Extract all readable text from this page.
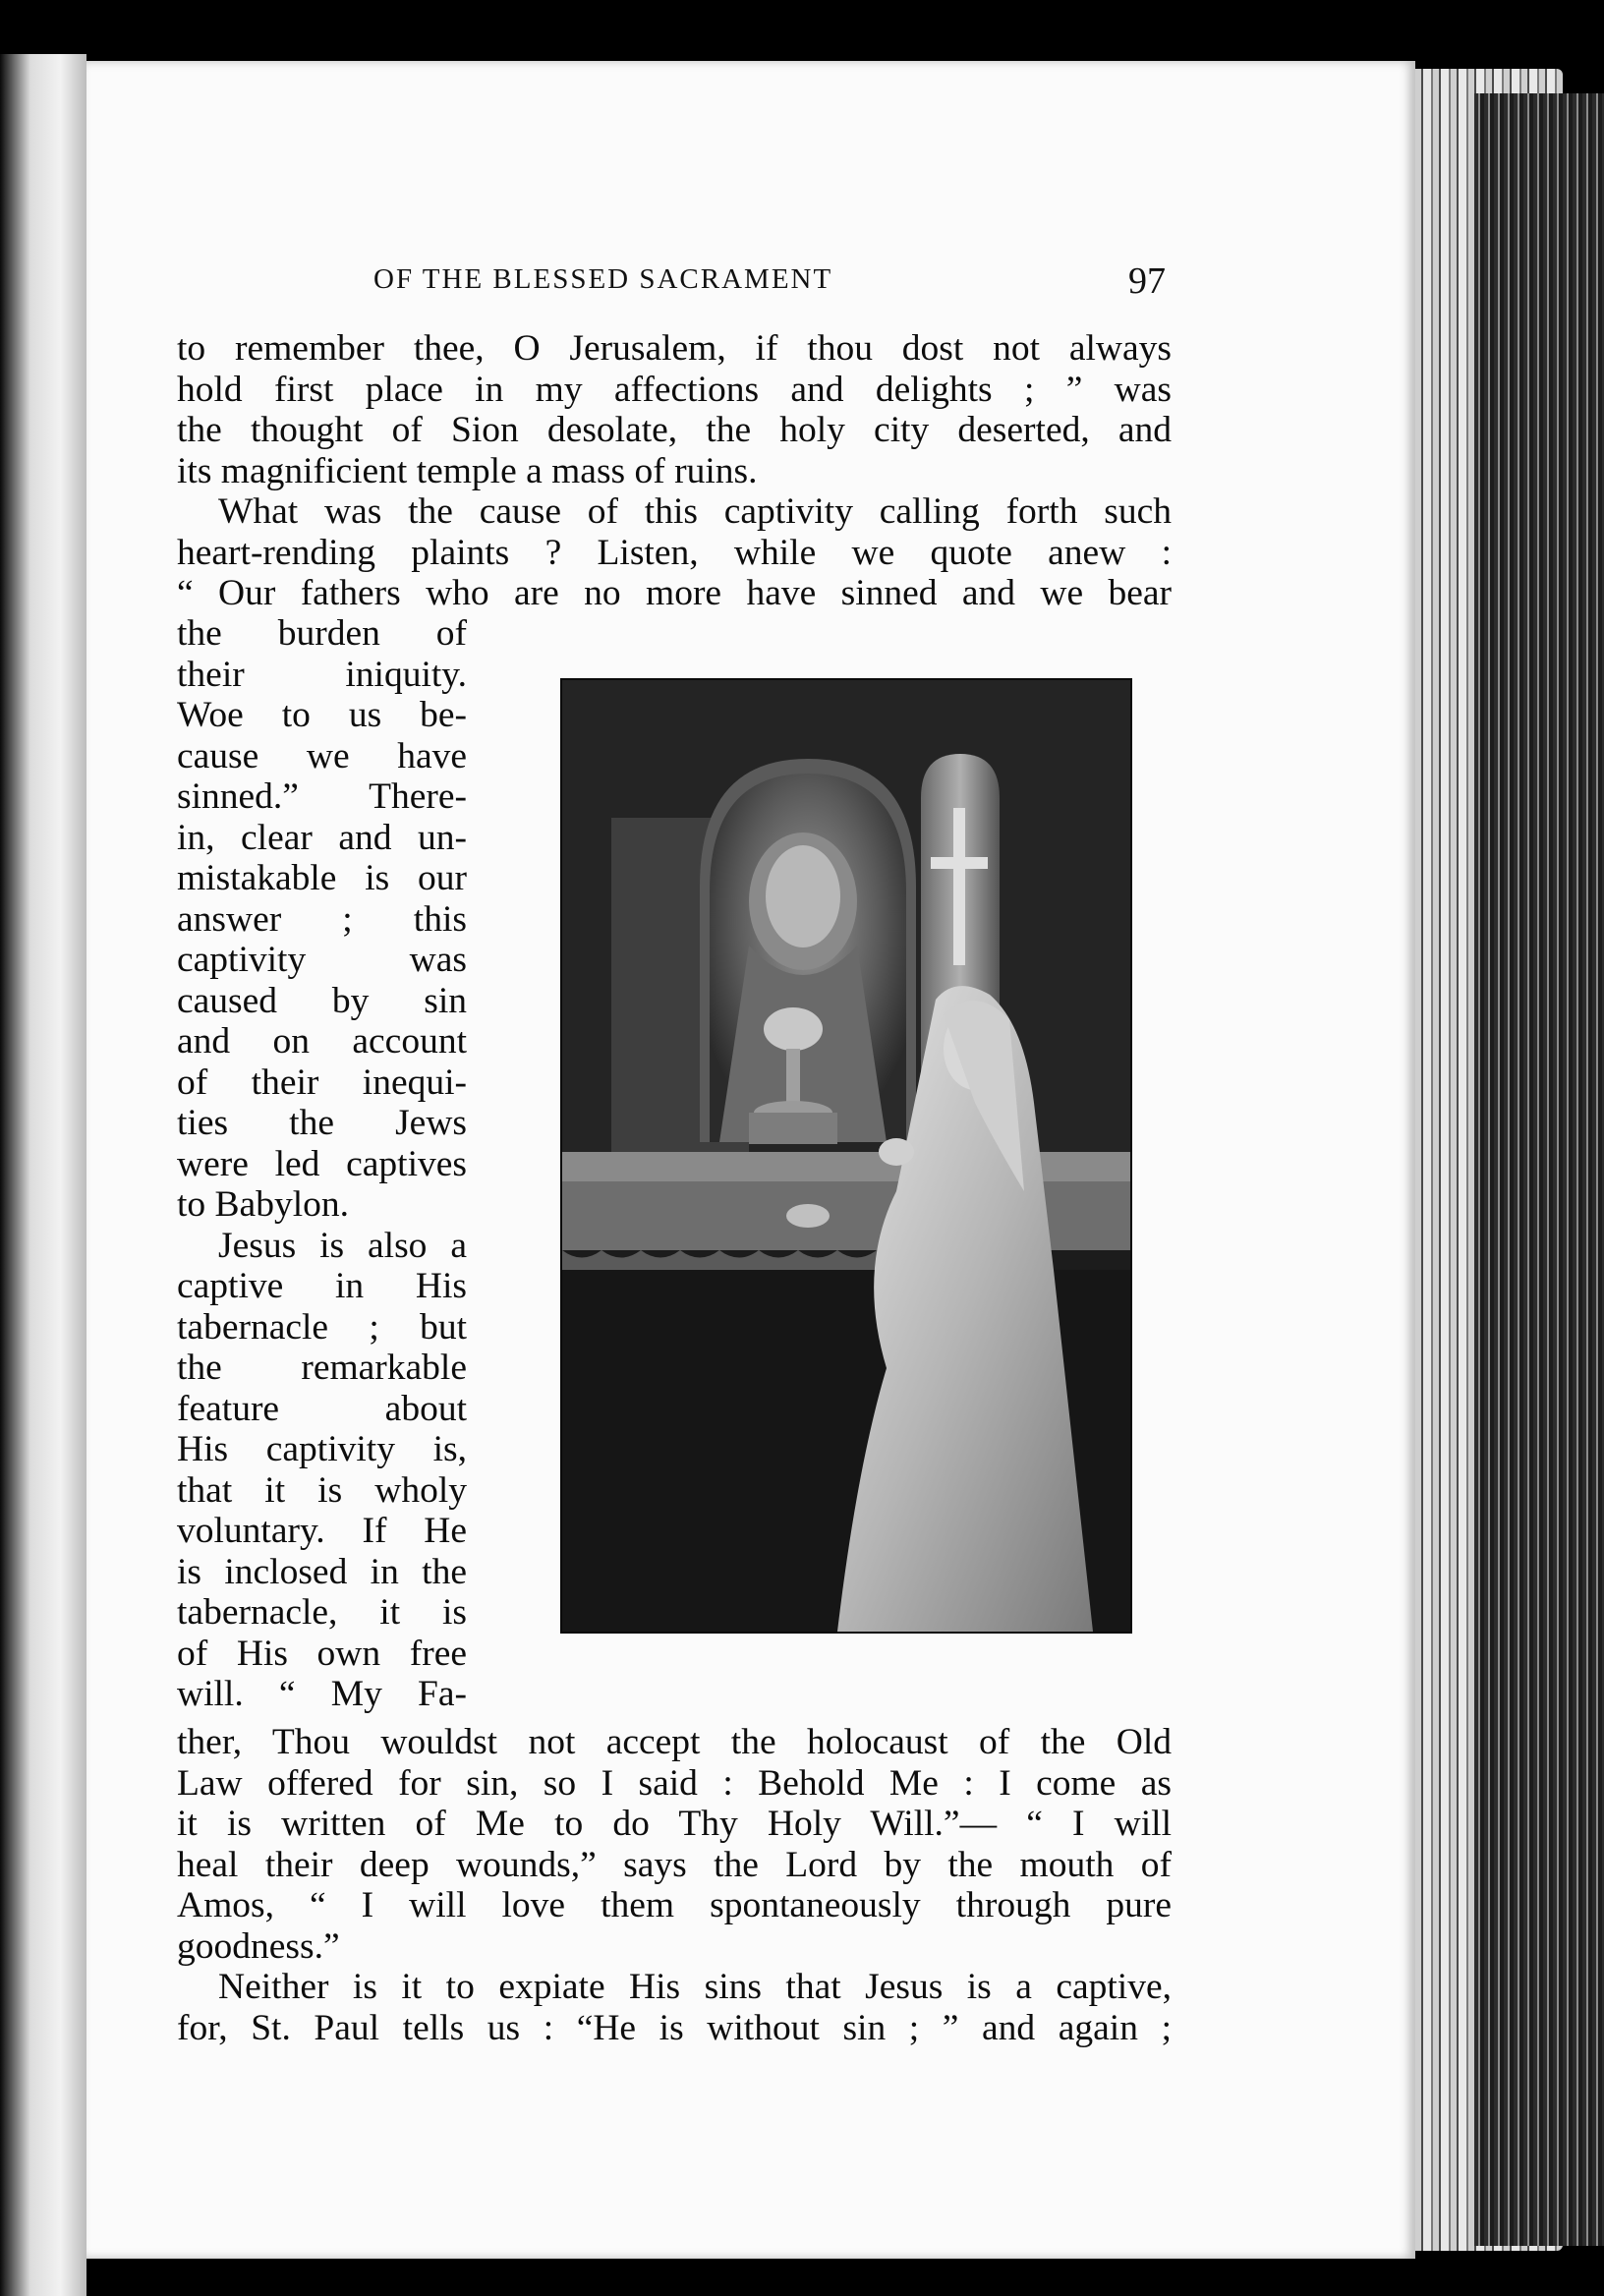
OF THE BLESSED SACRAMENT	97
to remember thee, O Jerusalem, if thou dost not always
hold first place in my affections and delights ; ” was
the thought of Sion desolate, the holy city deserted, and
its magnificient temple a mass of ruins.
What was the cause of this captivity calling forth such
heart-rending plaints ? Listen, while we quote anew :
“ Our fathers who are no more have sinned and we bear
the burden of
their iniquity.
Woe to us be-
cause we have
sinned.” There-
in, clear and un-
mistakable is our
answer ; this
captivity was
caused by sin
and on account
of their inequi-
ties the Jews
were led captives
to Babylon.
Jesus is also a
captive in His
tabernacle ; but
the remarkable
feature about
His captivity is,
that it is wholy
voluntary. If He
is inclosed in the
tabernacle, it is
of His own free
will. “ My Fa-
ther, Thou wouldst not accept the holocaust of the Old
Law offered for sin, so I said : Behold Me : I come as
it is written of Me to do Thy Holy Will.”— “ I will
heal their deep wounds,” says the Lord by the mouth of
Amos, “ I will love them spontaneously through pure
goodness.”
Neither is it to expiate His sins that Jesus is a captive,
for, St. Paul tells us : “He is without sin ; ” and again ;
